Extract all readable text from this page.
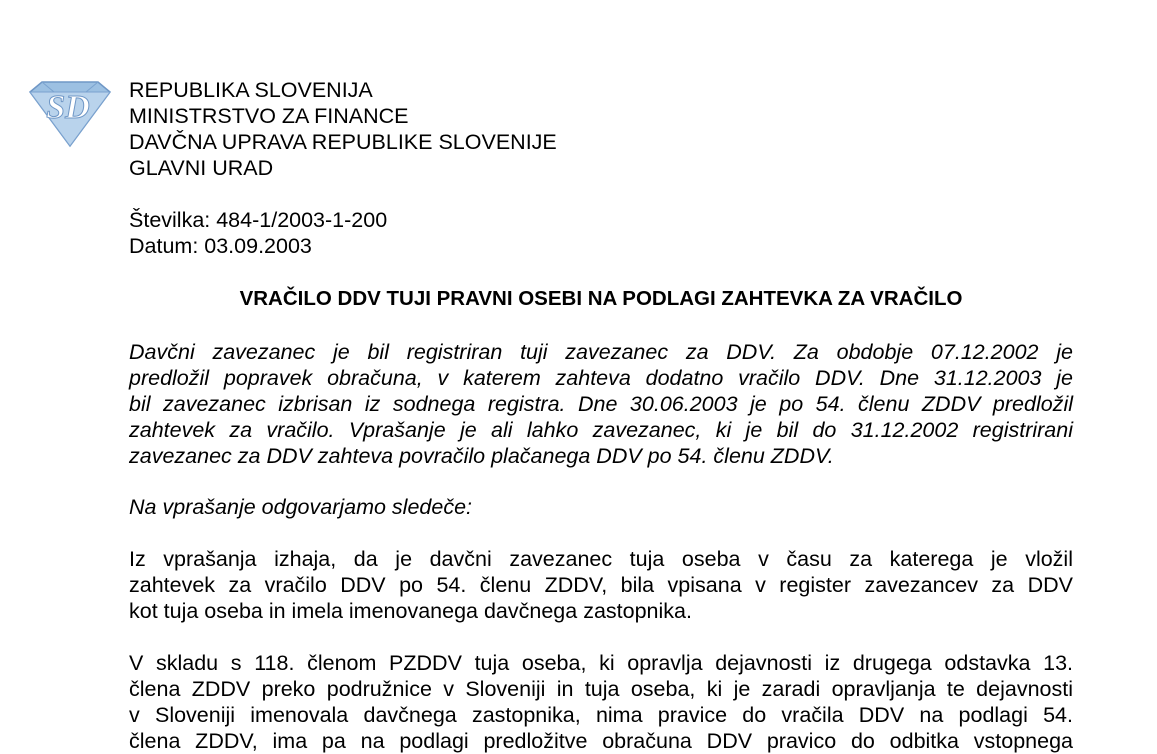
SD REPUBLIKA SLOVENIJA
MINISTRSTVO ZA FINANCE
DAVČNA UPRAVA REPUBLIKE SLOVENIJE
GLAVNI URAD
Številka: 484-1/2003-1-200
Datum: 03.09.2003
VRAČILO DDV TUJI PRAVNI OSEBI NA PODLAGI ZAHTEVKA ZA VRAČILO
Davčni zavezanec je bil registriran tuji zavezanec za DDV. Za obdobje 07.12.2002 je
predložil popravek obračuna, v katerem zahteva dodatno vračilo DDV. Dne 31.12.2003 je
bil zavezanec izbrisan iz sodnega registra. Dne 30.06.2003 je po 54. členu ZDDV predložil
zahtevek za vračilo. Vprašanje je ali lahko zavezanec, ki je bil do 31.12.2002 registrirani
zavezanec za DDV zahteva povračilo plačanega DDV po 54. členu ZDDV.
Na vprašanje odgovarjamo sledeče:
Iz vprašanja izhaja, da je davčni zavezanec tuja oseba v času za katerega je vložil
zahtevek za vračilo DDV po 54. členu ZDDV, bila vpisana v register zavezancev za DDV
kot tuja oseba in imela imenovanega davčnega zastopnika.
V skladu s 118. členom PZDDV tuja oseba, ki opravlja dejavnosti iz drugega odstavka 13.
člena ZDDV preko podružnice v Sloveniji in tuja oseba, ki je zaradi opravljanja te dejavnosti
v Sloveniji imenovala davčnega zastopnika, nima pravice do vračila DDV na podlagi 54.
člena ZDDV, ima pa na podlagi predložitve obračuna DDV pravico do odbitka vstopnega
